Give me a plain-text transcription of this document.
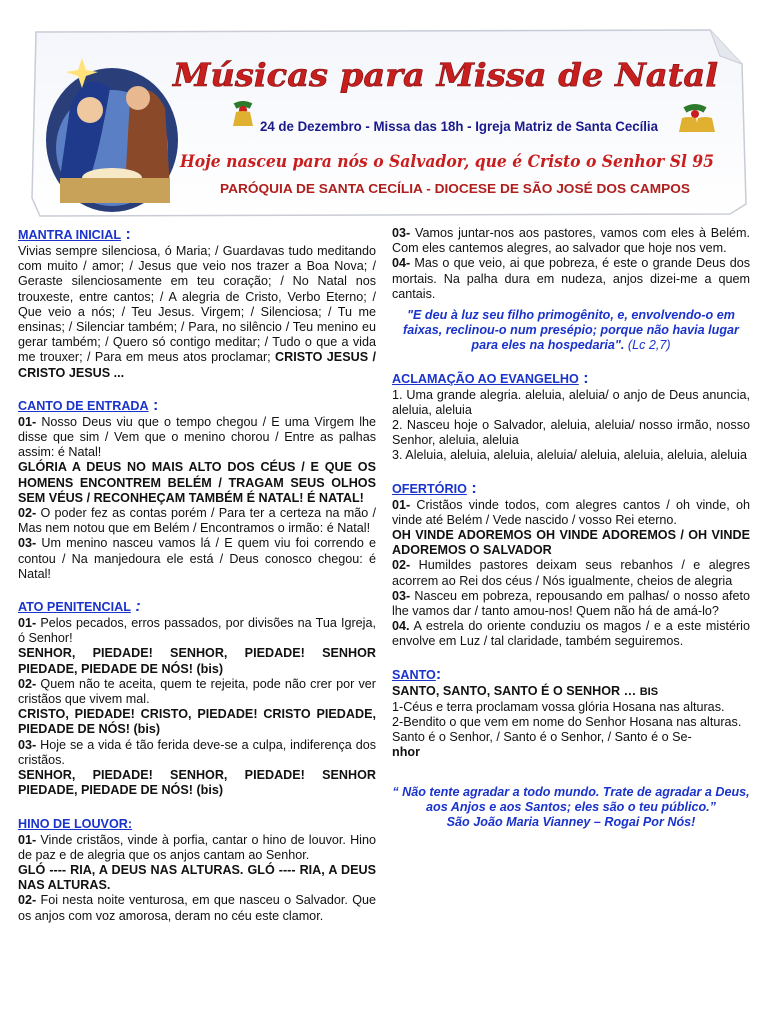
Músicas para Missa de Natal
24 de Dezembro - Missa das 18h - Igreja Matriz de Santa Cecília
Hoje nasceu para nós o Salvador, que é Cristo o Senhor Sl 95
PARÓQUIA DE SANTA CECÍLIA - DIOCESE DE SÃO JOSÉ DOS CAMPOS
MANTRA INICIAL :

Vivias sempre silenciosa, ó Maria; / Guardavas tudo meditando com muito / amor; / Jesus que veio nos trazer a Boa Nova; / Geraste silenciosamente em teu coração; / No Natal nos trouxeste, entre cantos; / A alegria de Cristo, Verbo Eterno; / Que veio a nós; / Teu Jesus. Virgem; / Silenciosa; / Tu me ensinas; / Silenciar também; / Para, no silêncio / Teu menino eu gerar também; / Quero só contigo meditar; / Tudo o que a vida me trouxer; / Para em meus atos proclamar; CRISTO JESUS / CRISTO JESUS ...

CANTO DE ENTRADA :

01- Nosso Deus viu que o tempo chegou / E uma Virgem lhe disse que sim / Vem que o menino chorou / Entre as palhas assim: é Natal!

GLÓRIA A DEUS NO MAIS ALTO DOS CÉUS / E QUE OS HOMENS ENCONTREM BELÉM / TRAGAM SEUS OLHOS SEM VÉUS / RECONHEÇAM TAMBÉM É NATAL! É NATAL!

02- O poder fez as contas porém / Para ter a certeza na mão / Mas nem notou que em Belém / Encontramos o irmão: é Natal!

03- Um menino nasceu vamos lá / E quem viu foi correndo e contou / Na manjedoura ele está / Deus conosco chegou: é Natal!

ATO PENITENCIAL :

01- Pelos pecados, erros passados, por divisões na Tua Igreja, ó Senhor!

SENHOR, PIEDADE! SENHOR, PIEDADE! SENHOR PIEDADE, PIEDADE DE NÓS! (bis)

02- Quem não te aceita, quem te rejeita, pode não crer por ver cristãos que vivem mal.

CRISTO, PIEDADE! CRISTO, PIEDADE! CRISTO PIEDADE, PIEDADE DE NÓS! (bis)

03- Hoje se a vida é tão ferida deve-se a culpa, indiferença dos cristãos.

SENHOR, PIEDADE! SENHOR, PIEDADE! SENHOR PIEDADE, PIEDADE DE NÓS! (bis)

HINO DE LOUVOR:

01- Vinde cristãos, vinde à porfia, cantar o hino de louvor. Hino de paz e de alegria que os anjos cantam ao Senhor.

GLÓ ---- RIA, A DEUS NAS ALTURAS. GLÓ ---- RIA, A DEUS NAS ALTURAS.

02- Foi nesta noite venturosa, em que nasceu o Salvador. Que os anjos com voz amorosa, deram no céu este clamor.

03- Vamos juntar-nos aos pastores, vamos com eles à Belém. Com eles cantemos alegres, ao salvador que hoje nos vem.

04- Mas o que veio, ai que pobreza, é este o grande Deus dos mortais. Na palha dura em nudeza, anjos dizei-me a quem cantais.

"E deu à luz seu filho primogênito, e, envolvendo-o em faixas, reclinou-o num presépio; porque não havia lugar para eles na hospedaria". (Lc 2,7)
ACLAMAÇÃO AO EVANGELHO :

1. Uma grande alegria. aleluia, aleluia/ o anjo de Deus anuncia, aleluia, aleluia

2. Nasceu hoje o Salvador, aleluia, aleluia/ nosso irmão, nosso Senhor, aleluia, aleluia

3. Aleluia, aleluia, aleluia, aleluia/ aleluia, aleluia, aleluia, aleluia

OFERTÓRIO :

01- Cristãos vinde todos, com alegres cantos / oh vinde, oh vinde até Belém / Vede nascido / vosso Rei eterno.

OH VINDE ADOREMOS OH VINDE ADOREMOS / OH VINDE ADOREMOS O SALVADOR

02- Humildes pastores deixam seus rebanhos / e alegres acorrem ao Rei dos céus / Nós igualmente, cheios de alegria

03- Nasceu em pobreza, repousando em palhas/ o nosso afeto lhe vamos dar / tanto amou-nos! Quem não há de amá-lo?

04. A estrela do oriente conduziu os magos / e a este mistério envolve em Luz / tal claridade, também seguiremos.

SANTO:

SANTO, SANTO, SANTO É O SENHOR … BIS

1-Céus e terra proclamam vossa glória Hosana nas alturas.

2-Bendito o que vem em nome do Senhor Hosana nas alturas.

Santo é o Senhor, / Santo é o Senhor, / Santo é o Se-
nhor

“ Não tente agradar a todo mundo. Trate de agradar a Deus, aos Anjos e aos Santos; eles são o teu público.”
São João Maria Vianney – Rogai Por Nós!
